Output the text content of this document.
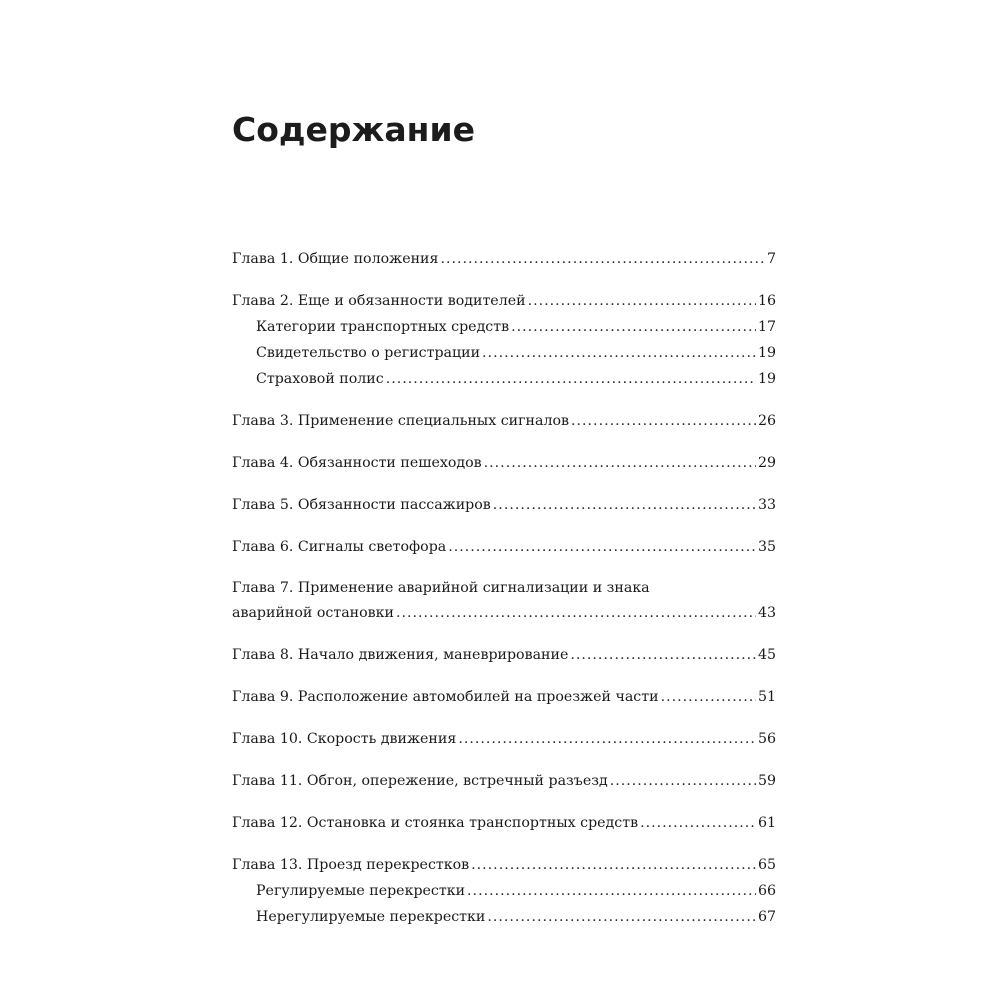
Содержание
Глава 1. Общие положения .....	7
Глава 2. Еще и обязанности водителей .....	16
Категории транспортных средств .....	17
Свидетельство о регистрации .....	19
Страховой полис .....	19
Глава 3. Применение специальных сигналов .....	26
Глава 4. Обязанности пешеходов .....	29
Глава 5. Обязанности пассажиров .....	33
Глава 6. Сигналы светофора .....	35
Глава 7. Применение аварийной сигнализации и знака
аварийной остановки .....	43
Глава 8. Начало движения, маневрирование .....	45
Глава 9. Расположение автомобилей на проезжей части .....	51
Глава 10. Скорость движения .....	56
Глава 11. Обгон, опережение, встречный разъезд .....	59
Глава 12. Остановка и стоянка транспортных средств .....	61
Глава 13. Проезд перекрестков .....	65
Регулируемые перекрестки .....	66
Нерегулируемые перекрестки .....	67
